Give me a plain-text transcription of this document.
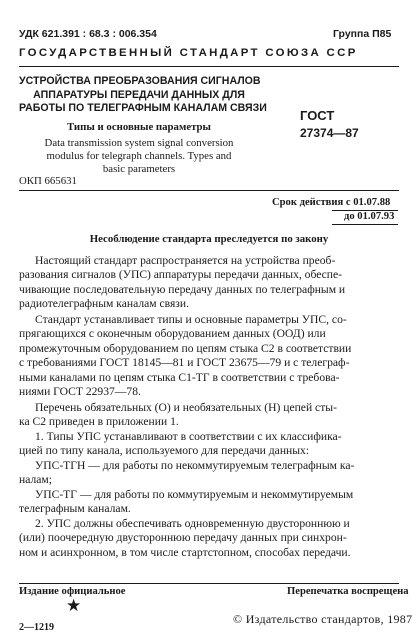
УДК 621.391 : 68.3 : 006.354	Группа П85
ГОСУДАРСТВЕННЫЙ СТАНДАРТ СОЮЗА ССР
УСТРОЙСТВА ПРЕОБРАЗОВАНИЯ СИГНАЛОВ
АППАРАТУРЫ ПЕРЕДАЧИ ДАННЫХ ДЛЯ
РАБОТЫ ПО ТЕЛЕГРАФНЫМ КАНАЛАМ СВЯЗИ
Типы и основные параметры
Data transmission system signal conversion
modulus for telegraph channels. Types and
basic parameters
ГОСТ
27374—87
ОКП 665631
Срок действия с 01.07.88
до 01.07.93
Несоблюдение стандарта преследуется по закону
Настоящий стандарт распространяется на устройства преоб-
разования сигналов (УПС) аппаратуры передачи данных, обеспе-
чивающие последовательную передачу данных по телеграфным и
радиотелеграфным каналам связи.
Стандарт устанавливает типы и основные параметры УПС, со-
прягающихся с оконечным оборудованием данных (ООД) или
промежуточным оборудованием по цепям стыка С2 в соответствии
с требованиями ГОСТ 18145—81 и ГОСТ 23675—79 и с телеграф-
ными каналами по цепям стыка С1-ТГ в соответствии с требова-
ниями ГОСТ 22937—78.
Перечень обязательных (О) и необязательных (Н) цепей сты-
ка С2 приведен в приложении 1.
1. Типы УПС устанавливают в соответствии с их классифика-
цией по типу канала, используемого для передачи данных:
УПС-ТГН — для работы по некоммутируемым телеграфным ка-
налам;
УПС-ТГ — для работы по коммутируемым и некоммутируемым
телеграфным каналам.
2. УПС должны обеспечивать одновременную двустороннюю и
(или) поочередную двустороннюю передачу данных при синхрон-
ном и асинхронном, в том числе стартстопном, способах передачи.
Издание официальное	Перепечатка воспрещена
★
© Издательство стандартов, 1987
2—1219
